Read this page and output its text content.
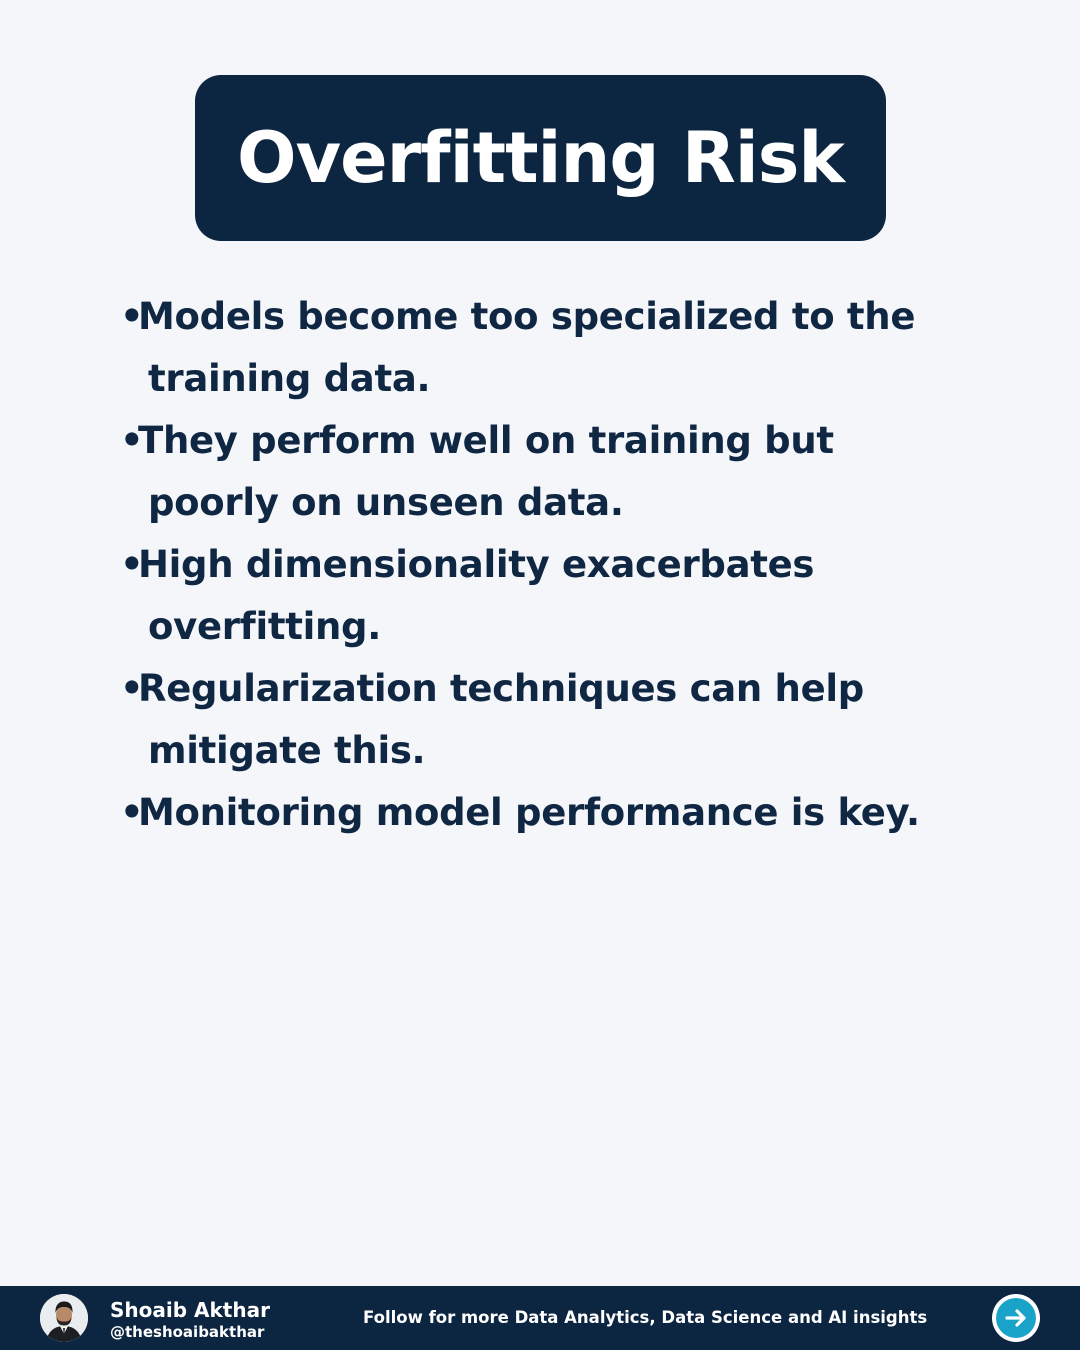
Overfitting Risk
•
Models become too specialized to the training data.
•
They perform well on training but poorly on unseen data.
•
High dimensionality exacerbates overfitting.
•
Regularization techniques can help mitigate this.
•
Monitoring model performance is key.
Shoaib Akthar
@theshoaibakthar
Follow for more Data Analytics, Data Science and AI insights
